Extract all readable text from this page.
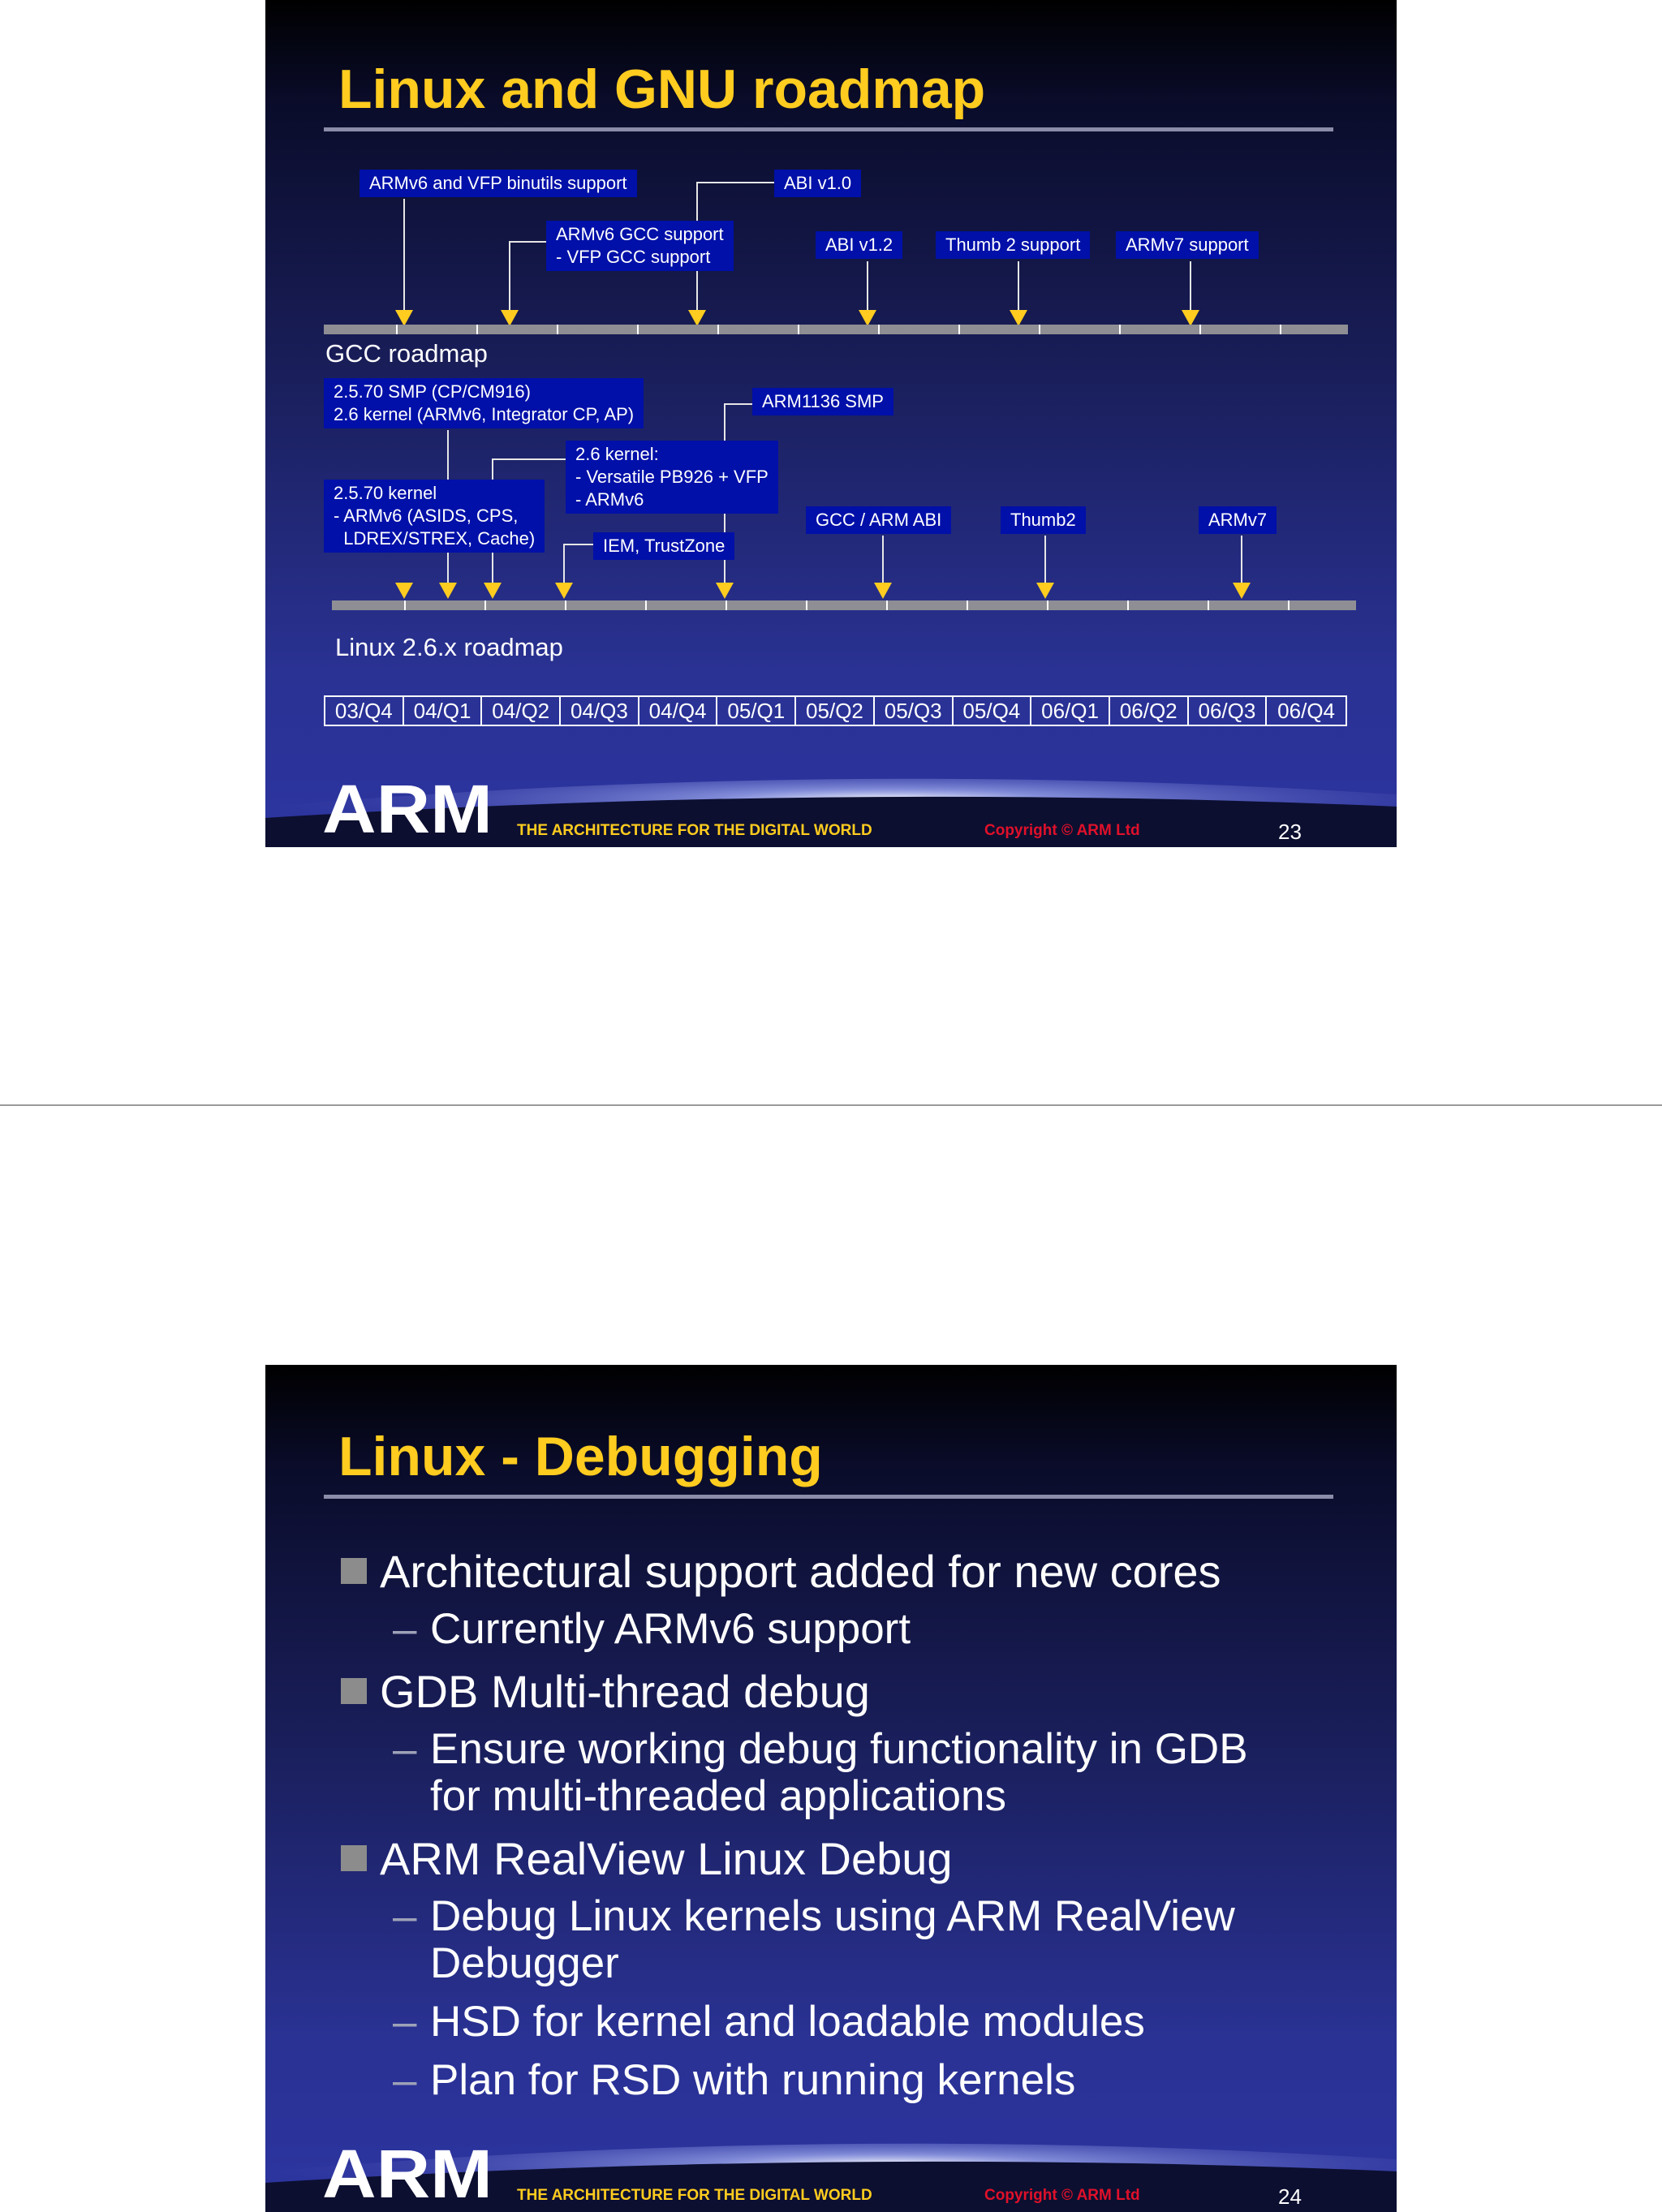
Linux and GNU roadmap
ARMv6 and VFP binutils support	ABI v1.0
ARMv6 GCC support
- VFP GCC support
ABI v1.2	Thumb 2 support	ARMv7 support
GCC roadmap
2.5.70 SMP (CP/CM916)
2.6 kernel (ARMv6, Integrator CP, AP)
ARM1136 SMP
2.6 kernel:
- Versatile PB926 + VFP
- ARMv6
2.5.70 kernel
- ARMv6 (ASIDS, CPS,
LDREX/STREX, Cache)
GCC / ARM ABI	Thumb2	ARMv7
IEM, TrustZone
Linux 2.6.x roadmap
03/Q4 04/Q1 04/Q2 04/Q3 04/Q4 05/Q1 05/Q2 05/Q3 05/Q4 06/Q1 06/Q2 06/Q3	06/Q4
ARM THE ARCHITECTURE FOR THE DIGITAL WORLD	Copyright © ARM Ltd	23
Linux - Debugging
Architectural support added for new cores
– Currently ARMv6 support
GDB Multi-thread debug
– Ensure working debug functionality in GDB for multi-threaded applications
ARM RealView Linux Debug
– Debug Linux kernels using ARM RealView Debugger
– HSD for kernel and loadable modules
– Plan for RSD with running kernels
ARM THE ARCHITECTURE FOR THE DIGITAL WORLD	Copyright © ARM Ltd	24
